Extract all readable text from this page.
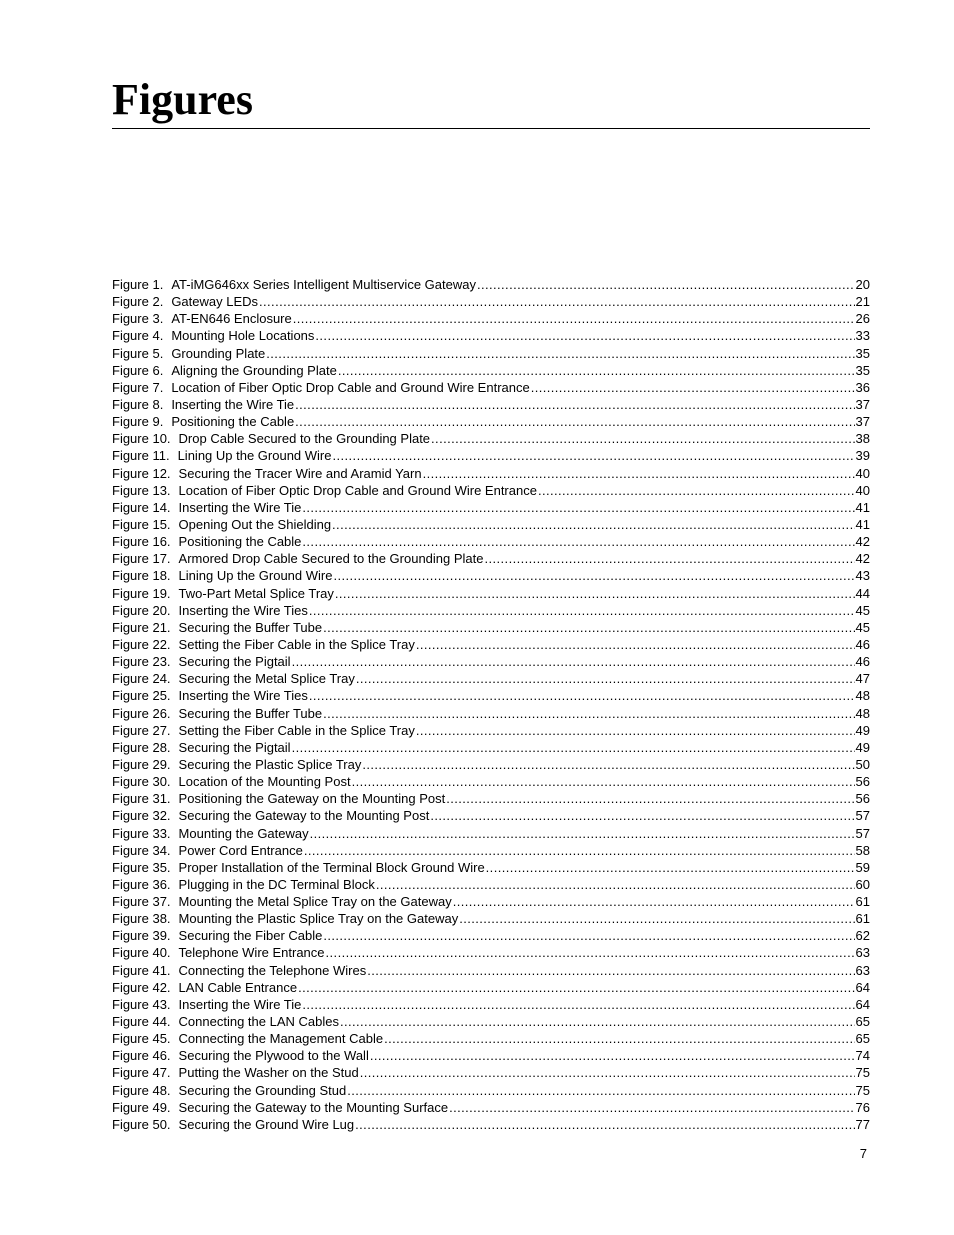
Figures
Figure 1. AT-iMG646xx Series Intelligent Multiservice Gateway .....	20
Figure 2. Gateway LEDs .....	21
Figure 3. AT-EN646 Enclosure .....	26
Figure 4. Mounting Hole Locations .....	33
Figure 5. Grounding Plate .....	35
Figure 6. Aligning the Grounding Plate .....	35
Figure 7. Location of Fiber Optic Drop Cable and Ground Wire Entrance .....	36
Figure 8. Inserting the Wire Tie .....	37
Figure 9. Positioning the Cable .....	37
Figure 10. Drop Cable Secured to the Grounding Plate .....	38
Figure 11. Lining Up the Ground Wire .....	39
Figure 12. Securing the Tracer Wire and Aramid Yarn .....	40
Figure 13. Location of Fiber Optic Drop Cable and Ground Wire Entrance .....	40
Figure 14. Inserting the Wire Tie .....	41
Figure 15. Opening Out the Shielding .....	41
Figure 16. Positioning the Cable .....	42
Figure 17. Armored Drop Cable Secured to the Grounding Plate .....	42
Figure 18. Lining Up the Ground Wire .....	43
Figure 19. Two-Part Metal Splice Tray .....	44
Figure 20. Inserting the Wire Ties .....	45
Figure 21. Securing the Buffer Tube .....	45
Figure 22. Setting the Fiber Cable in the Splice Tray .....	46
Figure 23. Securing the Pigtail .....	46
Figure 24. Securing the Metal Splice Tray .....	47
Figure 25. Inserting the Wire Ties .....	48
Figure 26. Securing the Buffer Tube .....	48
Figure 27. Setting the Fiber Cable in the Splice Tray .....	49
Figure 28. Securing the Pigtail .....	49
Figure 29. Securing the Plastic Splice Tray .....	50
Figure 30. Location of the Mounting Post .....	56
Figure 31. Positioning the Gateway on the Mounting Post .....	56
Figure 32. Securing the Gateway to the Mounting Post .....	57
Figure 33. Mounting the Gateway .....	57
Figure 34. Power Cord Entrance .....	58
Figure 35. Proper Installation of the Terminal Block Ground Wire .....	59
Figure 36. Plugging in the DC Terminal Block .....	60
Figure 37. Mounting the Metal Splice Tray on the Gateway .....	61
Figure 38. Mounting the Plastic Splice Tray on the Gateway .....	61
Figure 39. Securing the Fiber Cable .....	62
Figure 40. Telephone Wire Entrance .....	63
Figure 41. Connecting the Telephone Wires .....	63
Figure 42. LAN Cable Entrance .....	64
Figure 43. Inserting the Wire Tie .....	64
Figure 44. Connecting the LAN Cables .....	65
Figure 45. Connecting the Management Cable .....	65
Figure 46. Securing the Plywood to the Wall .....	74
Figure 47. Putting the Washer on the Stud .....	75
Figure 48. Securing the Grounding Stud .....	75
Figure 49. Securing the Gateway to the Mounting Surface .....	76
Figure 50. Securing the Ground Wire Lug .....	77
7
